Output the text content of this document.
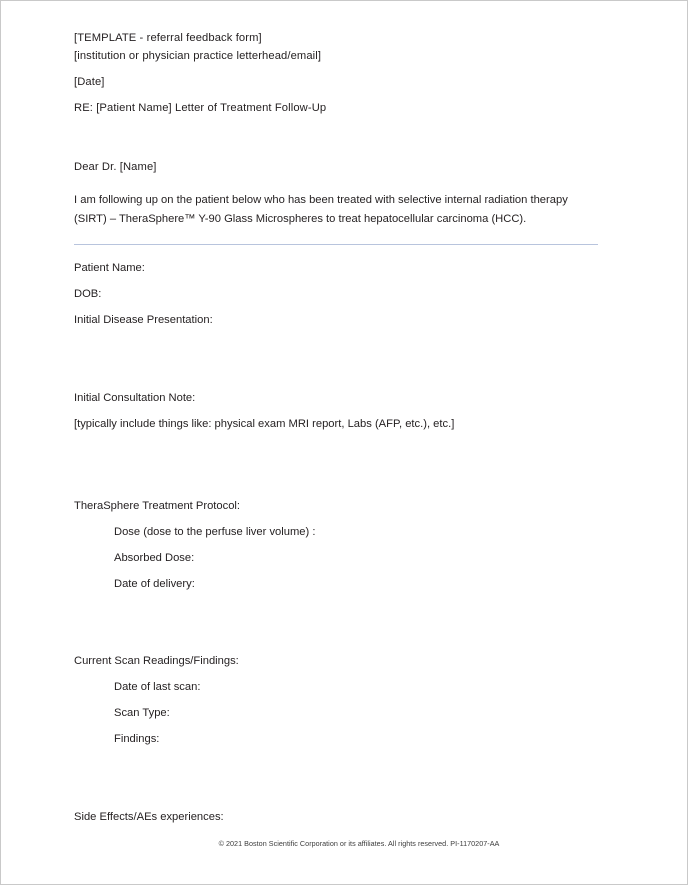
[TEMPLATE - referral feedback form]
[institution or physician practice letterhead/email]
[Date]
RE: [Patient Name] Letter of Treatment Follow-Up
Dear Dr. [Name]

I am following up on the patient below who has been treated with selective internal radiation therapy (SIRT) – TheraSphere™ Y-90 Glass Microspheres to treat hepatocellular carcinoma (HCC).

Patient Name:
DOB:
Initial Disease Presentation:
Initial Consultation Note:
[typically include things like: physical exam MRI report, Labs (AFP, etc.), etc.]
TheraSphere Treatment Protocol:
Dose (dose to the perfuse liver volume) :
Absorbed Dose:
Date of delivery:
Current Scan Readings/Findings:
Date of last scan:
Scan Type:
Findings:
Side Effects/AEs experiences:
© 2021 Boston Scientific Corporation or its affiliates. All rights reserved. PI-1170207-AA
